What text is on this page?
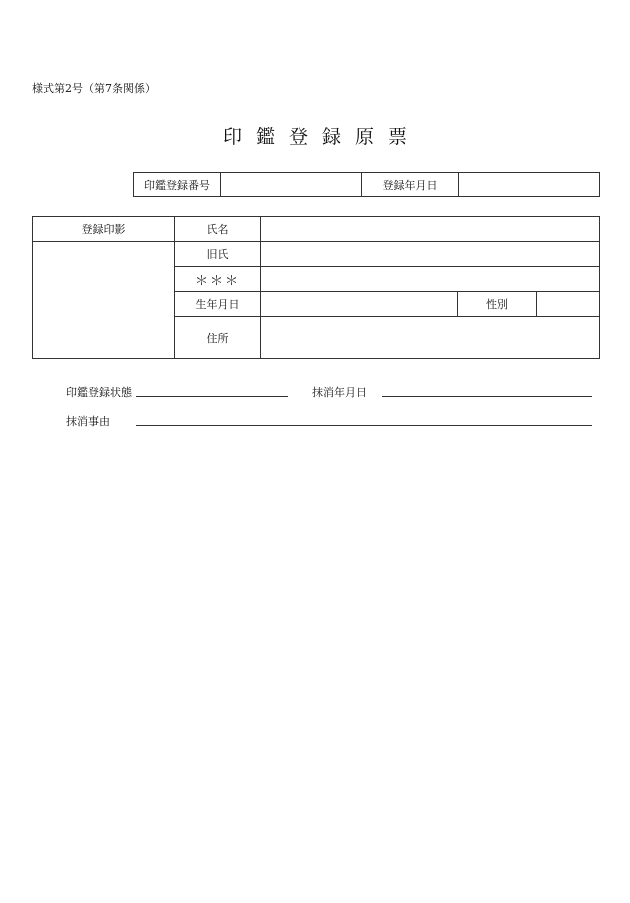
様式第2号（第7条関係）
印鑑登録原票
印鑑登録番号		登録年月日	
登録印影	氏名			
	旧氏			
	＊＊＊			
	生年月日		性別	
	住所			
印鑑登録状態	抹消年月日
抹消事由
